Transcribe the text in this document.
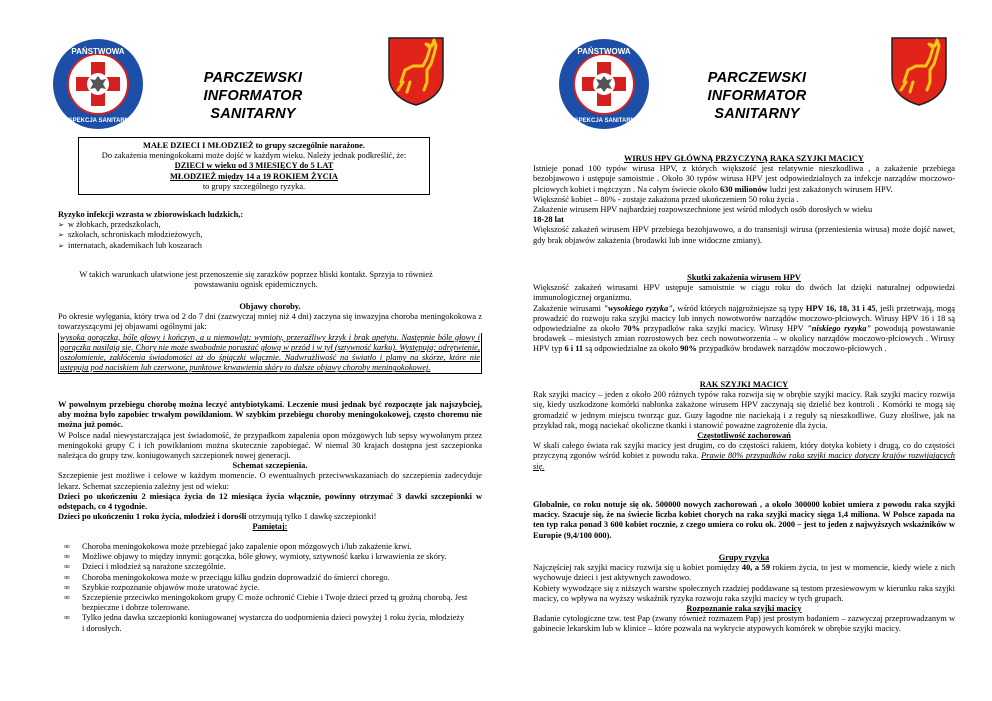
PAŃSTWOWA
INSPEKCJA SANITARNA
PARCZEWSKI INFORMATOR
SANITARNY

MAŁE DZIECI I MŁODZIEŻ to grupy szczególnie narażone.

Do zakażenia meningokokami może dojść w każdym wieku. Należy jednak podkreślić, że:

DZIECI w wieku od 3 MIESIĘCY do 5 LAT

MŁODZIEŻ między 14 a 19 ROKIEM ŻYCIA

to grupy szczególnego ryzyka.

Ryzyko infekcji wzrasta w zbiorowiskach ludzkich,:

➢ w żłobkach, przedszkolach,
➢ szkołach, schroniskach młodzieżowych,
➢ internatach, akademikach lub koszarach

W takich warunkach ułatwione jest przenoszenie się zarazków poprzez bliski kontakt. Sprzyja to również powstawaniu ognisk epidemicznych.

Objawy choroby.

Po okresie wylęgania, który trwa od 2 do 7 dni (zazwyczaj mniej niż 4 dni) zaczyna się inwazyjna choroba meningokokowa z towarzyszącymi jej objawami ogólnymi jak:

wysoka gorączka, bóle głowy i kończyn, a u niemowląt: wymioty, przeraźliwy krzyk i brak apetytu. Następnie bóle głowy i gorączka nasilają się. Chory nie może swobodnie poruszać głową w przód i w tył (sztywność karku). Występują: odrętwienie, oszołomienie, zakłócenia świadomości aż do śpiączki włącznie. Nadwrażliwość na światło i plamy na skórze, które nie ustępują pod naciskiem lub czerwone, punktowe krwawienia skóry to dalsze objawy choroby meningokokowej.

W powolnym przebiegu chorobę można leczyć antybiotykami. Leczenie musi jednak być rozpoczęte jak najszybciej, aby można było zapobiec trwałym powikłaniom. W szybkim przebiegu choroby meningokokowej, często choremu nie można już pomóc.

W Polsce nadal niewystarczająca jest świadomość, że przypadkom zapalenia opon mózgowych lub sepsy wywołanym przez meningokoki grupy C i ich powikłaniom można skutecznie zapobiegać. W niemal 30 krajach dostępna jest szczepionka należąca do grupy tzw. koniugowanych szczepionek nowej generacji.

Schemat szczepienia.

Szczepienie jest możliwe i celowe w każdym momencie. O ewentualnych przeciwwskazaniach do szczepienia zadecyduje lekarz. Schemat szczepienia zależny jest od wieku:

Dzieci po ukończeniu 2 miesiąca życia do 12 miesiąca życia włącznie, powinny otrzymać 3 dawki szczepionki w odstępach, co 4 tygodnie.

Dzieci po ukończeniu 1 roku życia, młodzież i dorośli otrzymują tylko 1 dawkę szczepionki!

Pamiętaj:

∞ Choroba meningokokowa może przebiegać jako zapalenie opon mózgowych i/lub zakażenie krwi.
∞ Możliwe objawy to między innymi: gorączka, bóle głowy, wymioty, sztywność karku i krwawienia ze skóry.
∞ Dzieci i młodzież są narażone szczególnie.
∞ Choroba meningokokowa może w przeciągu kilku godzin doprowadzić do śmierci chorego.
∞ Szybkie rozpoznanie objawów może uratować życie.
∞ Szczepienie przeciwko meningokokom grupy C może ochronić Ciebie i Twoje dzieci przed tą groźną chorobą. Jest bezpieczne i dobrze tolerowane.
∞ Tylko jedna dawka szczepionki koniugowanej wystarcza do uodpornienia dzieci powyżej 1 roku życia, młodzieży i dorosłych.
PAŃSTWOWA
INSPEKCJA SANITARNA
PARCZEWSKI INFORMATOR
SANITARNY

WIRUS HPV GŁÓWNĄ PRZYCZYNĄ RAKA SZYJKI MACICY

Istnieje ponad 100 typów wirusa HPV, z których większość jest relatywnie nieszkodliwa , a zakażenie przebiega bezobjawowo i ustępuje samoistnie . Około 30 typów wirusa HPV jest odpowiedzialnych za infekcje narządów moczowo-płciowych kobiet i mężczyzn . Na całym świecie około 630 milionów ludzi jest zakażonych wirusem HPV.

Większość kobiet – 80% - zostaje zakażona przed ukończeniem 50 roku życia .

Zakażenie wirusem HPV najbardziej rozpowszechnione jest wśród młodych osób dorosłych w wieku

18-28 lat

Większość zakażeń wirusem HPV przebiega bezobjawowo, a do transmisji wirusa (przeniesienia wirusa) może dojść nawet, gdy brak objawów zakażenia (brodawki lub inne widoczne zmiany).

Skutki zakażenia wirusem HPV

Większość zakażeń wirusami HPV ustępuje samoistnie w ciągu roku do dwóch lat dzięki naturalnej odpowiedzi immunologicznej organizmu.

Zakażenie wirusami "wysokiego ryzyka", wśród których najgroźniejsze są typy HPV 16, 18, 31 i 45, jeśli przetrwają, mogą prowadzić do rozwoju raka szyjki macicy lub innych nowotworów narządów moczowo-płciowych. Wirusy HPV 16 i 18 są odpowiedzialne za około 70% przypadków raka szyjki macicy. Wirusy HPV "niskiego ryzyka" powodują powstawanie brodawek – miesistych zmian rozrostowych bez cech nowotworzenia – w okolicy narządów moczowo-płciowych . Wirusy HPV typ 6 i 11 są odpowiedzialne za około 90% przypadków brodawek narządów moczowo-płciowych .

RAK SZYJKI MACICY

Rak szyjki macicy – jeden z około 200 różnych typów raka rozwija się w obrębie szyjki macicy. Rak szyjki macicy rozwija się, kiedy uszkodzone komórki nabłonka zakażone wirusem HPV zaczynają się dzielić bez kontroli . Komórki te mogą się gromadzić w jednym miejscu tworząc guz. Guzy łagodne nie naciekają i z reguły są nieszkodliwe. Guzy złośliwe, jak na przykład rak, mogą naciekać okoliczne tkanki i stanowić poważne zagrożenie dla życia.

Częstotliwość zachorowań

W skali całego świata rak szyjki macicy jest drugim, co do częstości rakiem, który dotyka kobiety i drugą, co do częstości przyczyną zgonów wśród kobiet z powodu raka. Prawie 80% przypadków raka szyjki macicy dotyczy krajów rozwijających się.

Globalnie, co roku notuje się ok. 500000 nowych zachorowań , a około 300000 kobiet umiera z powodu raka szyjki macicy. Szacuje się, że na świecie liczba kobiet chorych na raka szyjki macicy sięga 1,4 miliona. W Polsce zapada na ten typ raka ponad 3 600 kobiet rocznie, z czego umiera co roku ok. 2000 – jest to jeden z najwyższych wskaźników w Europie (9,4/100 000).

Grupy ryzyka

Najczęściej rak szyjki macicy rozwija się u kobiet pomiędzy 40, a 59 rokiem życia, to jest w momencie, kiedy wiele z nich wychowuje dzieci i jest aktywnych zawodowo.

Kobiety wywodzące się z niższych warstw społecznych rzadziej poddawane są testom przesiewowym w kierunku raka szyjki macicy, co wpływa na wyższy wskaźnik ryzyka rozwoju raka szyjki macicy w tych grupach.

Rozpoznanie raka szyjki macicy

Badanie cytologiczne tzw. test Pap (zwany również rozmazem Pap) jest prostym badaniem – zazwyczaj przeprowadzanym w gabinecie lekarskim lub w klinice – które pozwala na wykrycie atypowych komórek w obrębie szyjki macicy.
